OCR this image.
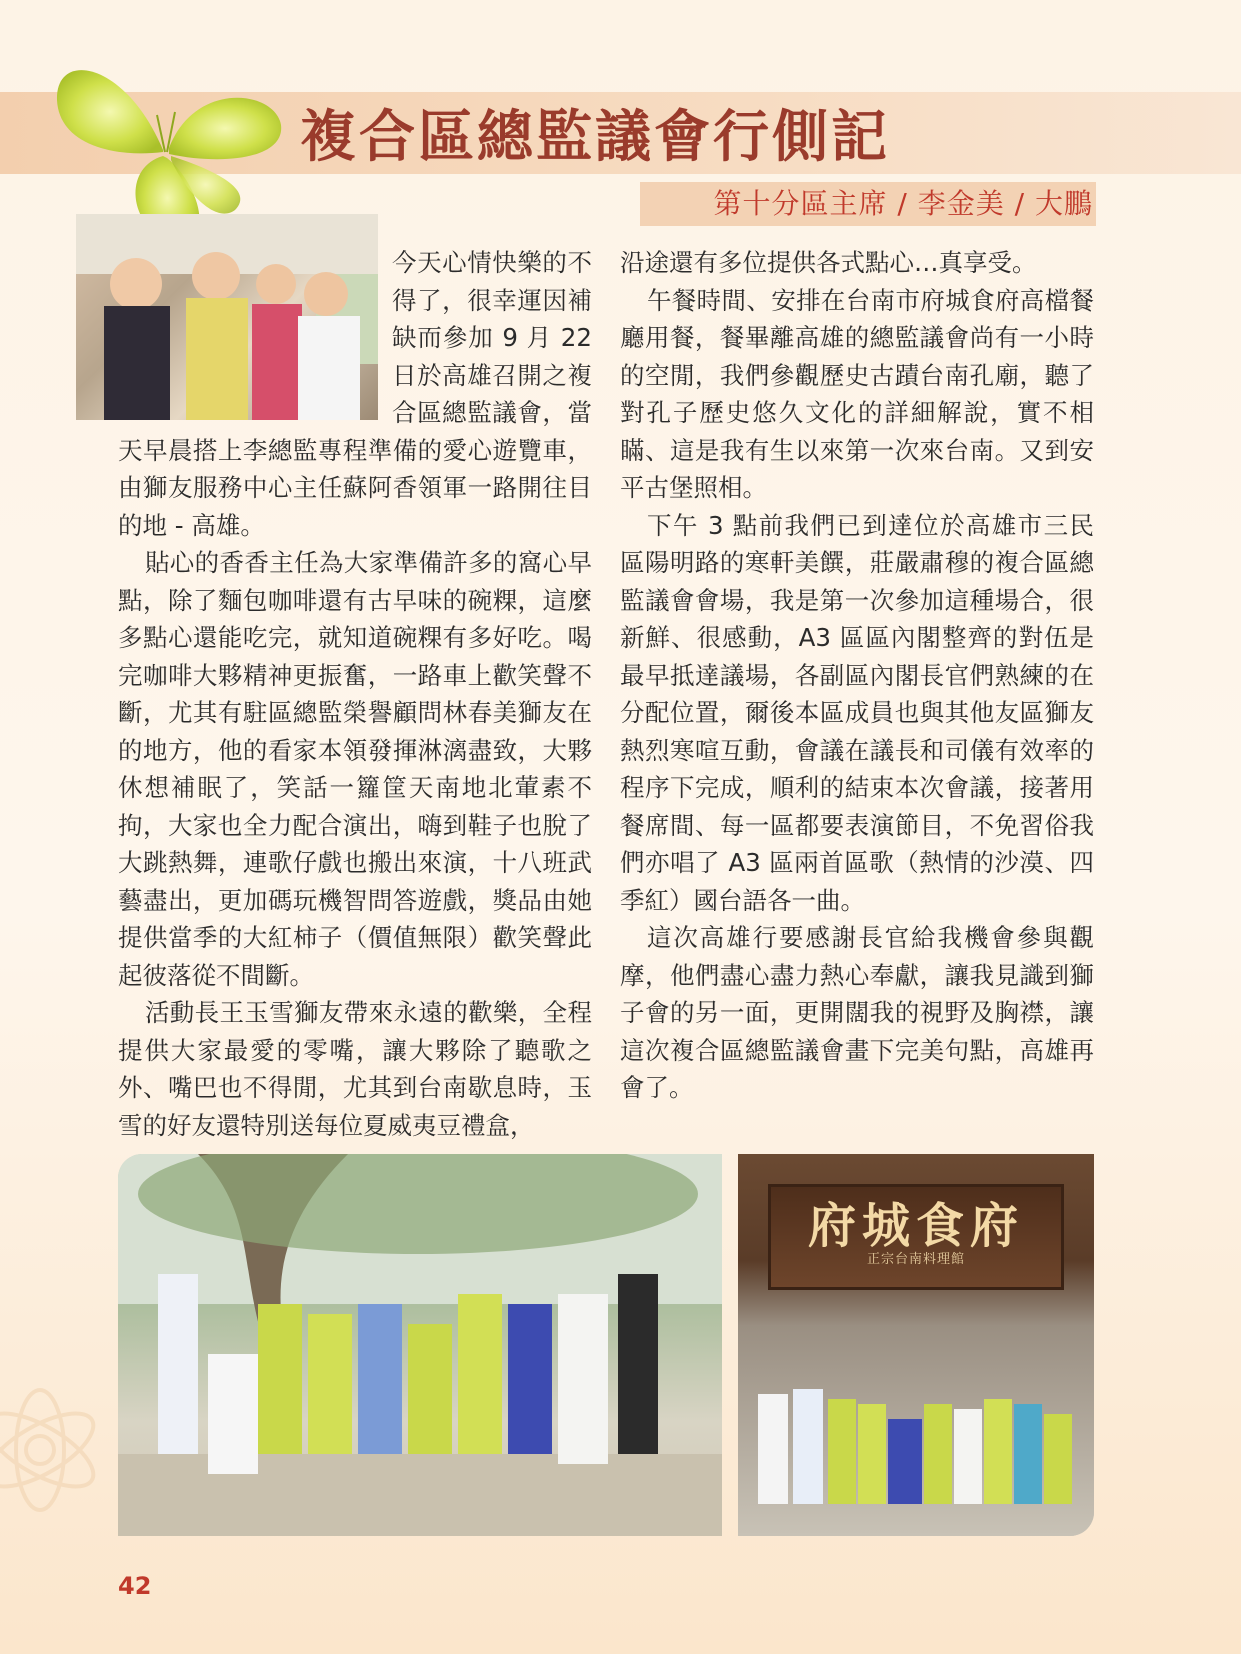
複合區總監議會行側記
第十分區主席 / 李金美 / 大鵬

今天心情快樂的不得了，很幸運因補缺而參加 9 月 22 日於高雄召開之複合區總監議會，當天早晨搭上李總監專程準備的愛心遊覽車，由獅友服務中心主任蘇阿香領軍一路開往目的地 - 高雄。

貼心的香香主任為大家準備許多的窩心早點，除了麵包咖啡還有古早味的碗粿，這麼多點心還能吃完，就知道碗粿有多好吃。喝完咖啡大夥精神更振奮，一路車上歡笑聲不斷，尤其有駐區總監榮譽顧問林春美獅友在的地方，他的看家本領發揮淋漓盡致，大夥休想補眠了，笑話一籮筐天南地北葷素不拘，大家也全力配合演出，嗨到鞋子也脫了大跳熱舞，連歌仔戲也搬出來演，十八班武藝盡出，更加碼玩機智問答遊戲，獎品由她提供當季的大紅柿子（價值無限）歡笑聲此起彼落從不間斷。

活動長王玉雪獅友帶來永遠的歡樂，全程提供大家最愛的零嘴，讓大夥除了聽歌之外、嘴巴也不得閒，尤其到台南歇息時，玉雪的好友還特別送每位夏威夷豆禮盒，

沿途還有多位提供各式點心…真享受。

午餐時間、安排在台南市府城食府高檔餐廳用餐，餐畢離高雄的總監議會尚有一小時的空閒，我們參觀歷史古蹟台南孔廟，聽了對孔子歷史悠久文化的詳細解說，實不相瞞、這是我有生以來第一次來台南。又到安平古堡照相。

下午 3 點前我們已到達位於高雄市三民區陽明路的寒軒美饌，莊嚴肅穆的複合區總監議會會場，我是第一次參加這種場合，很新鮮、很感動，A3 區區內閣整齊的對伍是最早抵達議場，各副區內閣長官們熟練的在分配位置，爾後本區成員也與其他友區獅友熱烈寒喧互動，會議在議長和司儀有效率的程序下完成，順利的結束本次會議，接著用餐席間、每一區都要表演節目，不免習俗我們亦唱了 A3 區兩首區歌（熱情的沙漠、四季紅）國台語各一曲。

這次高雄行要感謝長官給我機會參與觀摩，他們盡心盡力熱心奉獻，讓我見識到獅子會的另一面，更開闊我的視野及胸襟，讓這次複合區總監議會畫下完美句點，高雄再會了。

府城食府
正宗台南料理館
42
